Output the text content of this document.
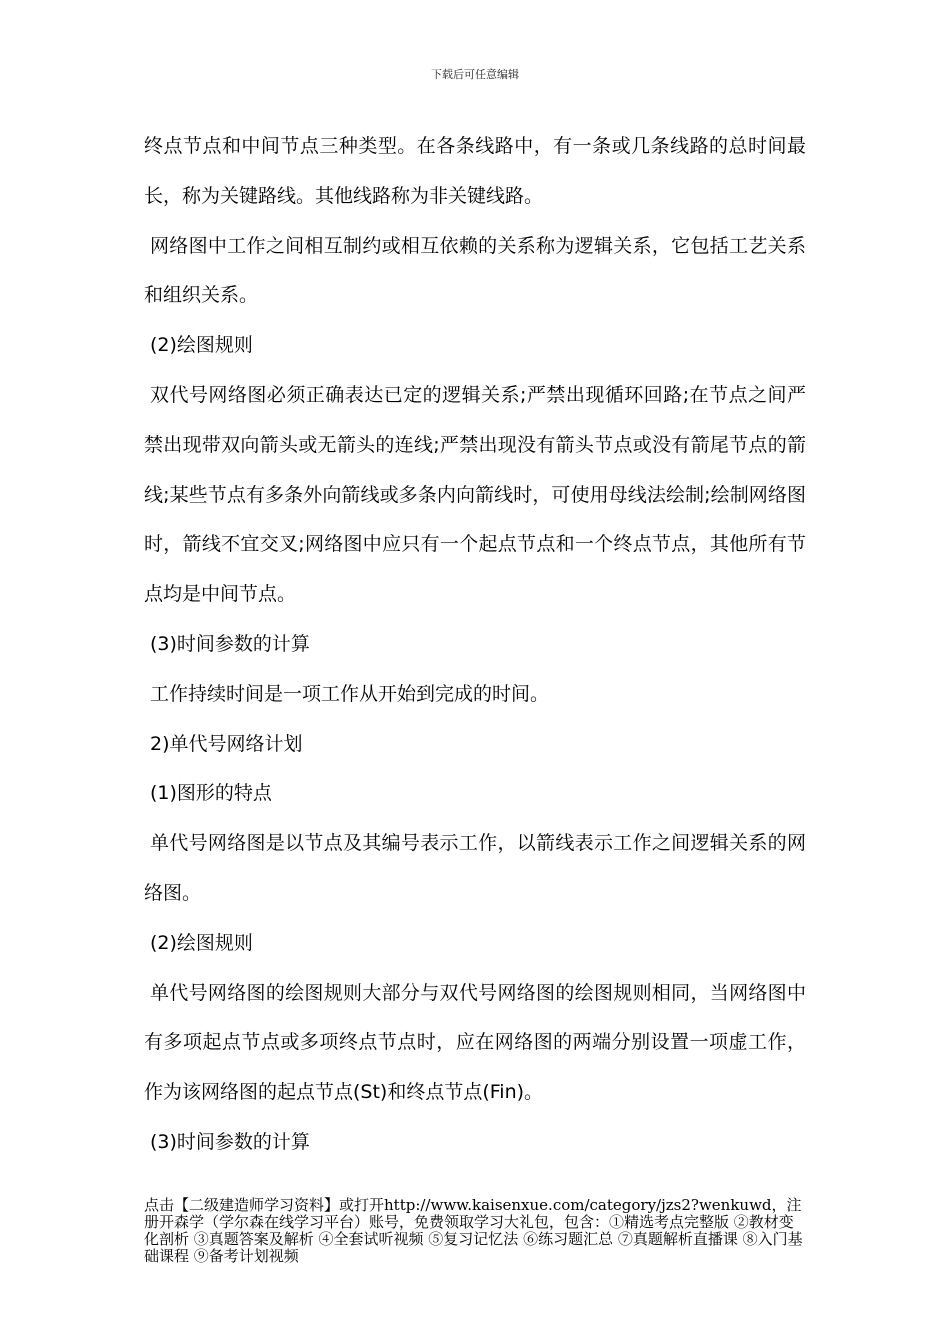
下载后可任意编辑

终点节点和中间节点三种类型。在各条线路中，有一条或几条线路的总时间最长，称为关键路线。其他线路称为非关键线路。

网络图中工作之间相互制约或相互依赖的关系称为逻辑关系，它包括工艺关系和组织关系。

(2)绘图规则

双代号网络图必须正确表达已定的逻辑关系;严禁出现循环回路;在节点之间严禁出现带双向箭头或无箭头的连线;严禁出现没有箭头节点或没有箭尾节点的箭线;某些节点有多条外向箭线或多条内向箭线时，可使用母线法绘制;绘制网络图时，箭线不宜交叉;网络图中应只有一个起点节点和一个终点节点，其他所有节点均是中间节点。

(3)时间参数的计算

工作持续时间是一项工作从开始到完成的时间。

2)单代号网络计划

(1)图形的特点

单代号网络图是以节点及其编号表示工作，以箭线表示工作之间逻辑关系的网络图。

(2)绘图规则

单代号网络图的绘图规则大部分与双代号网络图的绘图规则相同，当网络图中有多项起点节点或多项终点节点时，应在网络图的两端分别设置一项虚工作，作为该网络图的起点节点(St)和终点节点(Fin)。

(3)时间参数的计算

点击【二级建造师学习资料】或打开http://www.kaisenxue.com/category/jzs2?wenkuwd，注册开森学（学尔森在线学习平台）账号，免费领取学习大礼包，包含：①精选考点完整版 ②教材变化剖析 ③真题答案及解析 ④全套试听视频 ⑤复习记忆法 ⑥练习题汇总 ⑦真题解析直播课 ⑧入门基础课程 ⑨备考计划视频
